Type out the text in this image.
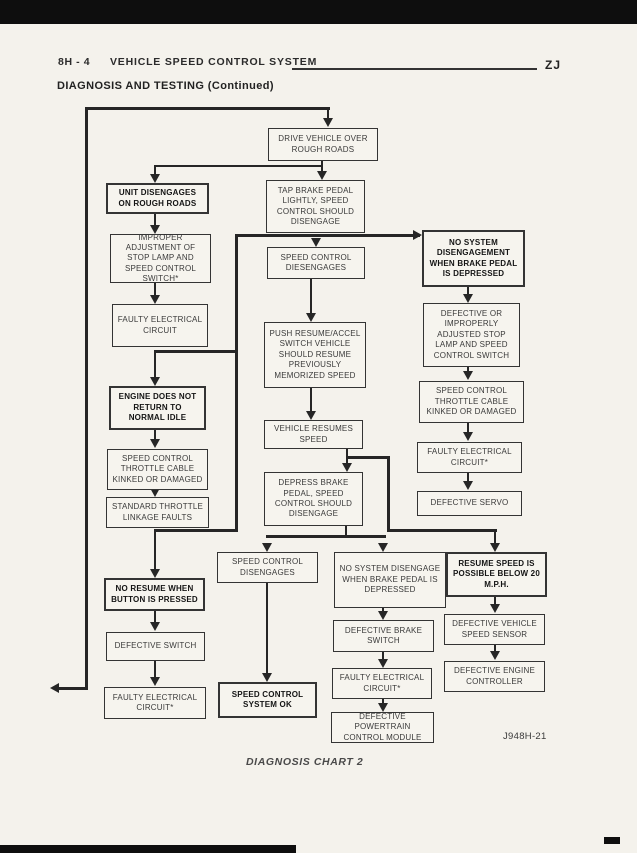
8H - 4 VEHICLE SPEED CONTROL SYSTEM	ZJ
DIAGNOSIS AND TESTING (Continued)
DRIVE VEHICLE OVER ROUGH ROADS
TAP BRAKE PEDAL LIGHTLY, SPEED CONTROL SHOULD DISENGAGE
UNIT DISENGAGES ON ROUGH ROADS
IMPROPER ADJUSTMENT OF STOP LAMP AND SPEED CONTROL SWITCH*
FAULTY ELECTRICAL CIRCUIT
SPEED CONTROL DIESENGAGES
NO SYSTEM DISENGAGEMENT WHEN BRAKE PEDAL IS DEPRESSED
DEFECTIVE OR IMPROPERLY ADJUSTED STOP LAMP AND SPEED CONTROL SWITCH
SPEED CONTROL THROTTLE CABLE KINKED OR DAMAGED
FAULTY ELECTRICAL CIRCUIT*
DEFECTIVE SERVO
PUSH RESUME/ACCEL SWITCH VEHICLE SHOULD RESUME PREVIOUSLY MEMORIZED SPEED
ENGINE DOES NOT RETURN TO NORMAL IDLE
SPEED CONTROL THROTTLE CABLE KINKED OR DAMAGED
STANDARD THROTTLE LINKAGE FAULTS
VEHICLE RESUMES SPEED
DEPRESS BRAKE PEDAL, SPEED CONTROL SHOULD DISENGAGE
NO RESUME WHEN BUTTON IS PRESSED
DEFECTIVE SWITCH
FAULTY ELECTRICAL CIRCUIT*
SPEED CONTROL DISENGAGES
SPEED CONTROL SYSTEM OK
NO SYSTEM DISENGAGE WHEN BRAKE PEDAL IS DEPRESSED
DEFECTIVE BRAKE SWITCH
FAULTY ELECTRICAL CIRCUIT*
DEFECTIVE POWERTRAIN CONTROL MODULE
RESUME SPEED IS POSSIBLE BELOW 20 M.P.H.
DEFECTIVE VEHICLE SPEED SENSOR
DEFECTIVE ENGINE CONTROLLER
J948H-21
DIAGNOSIS CHART 2
